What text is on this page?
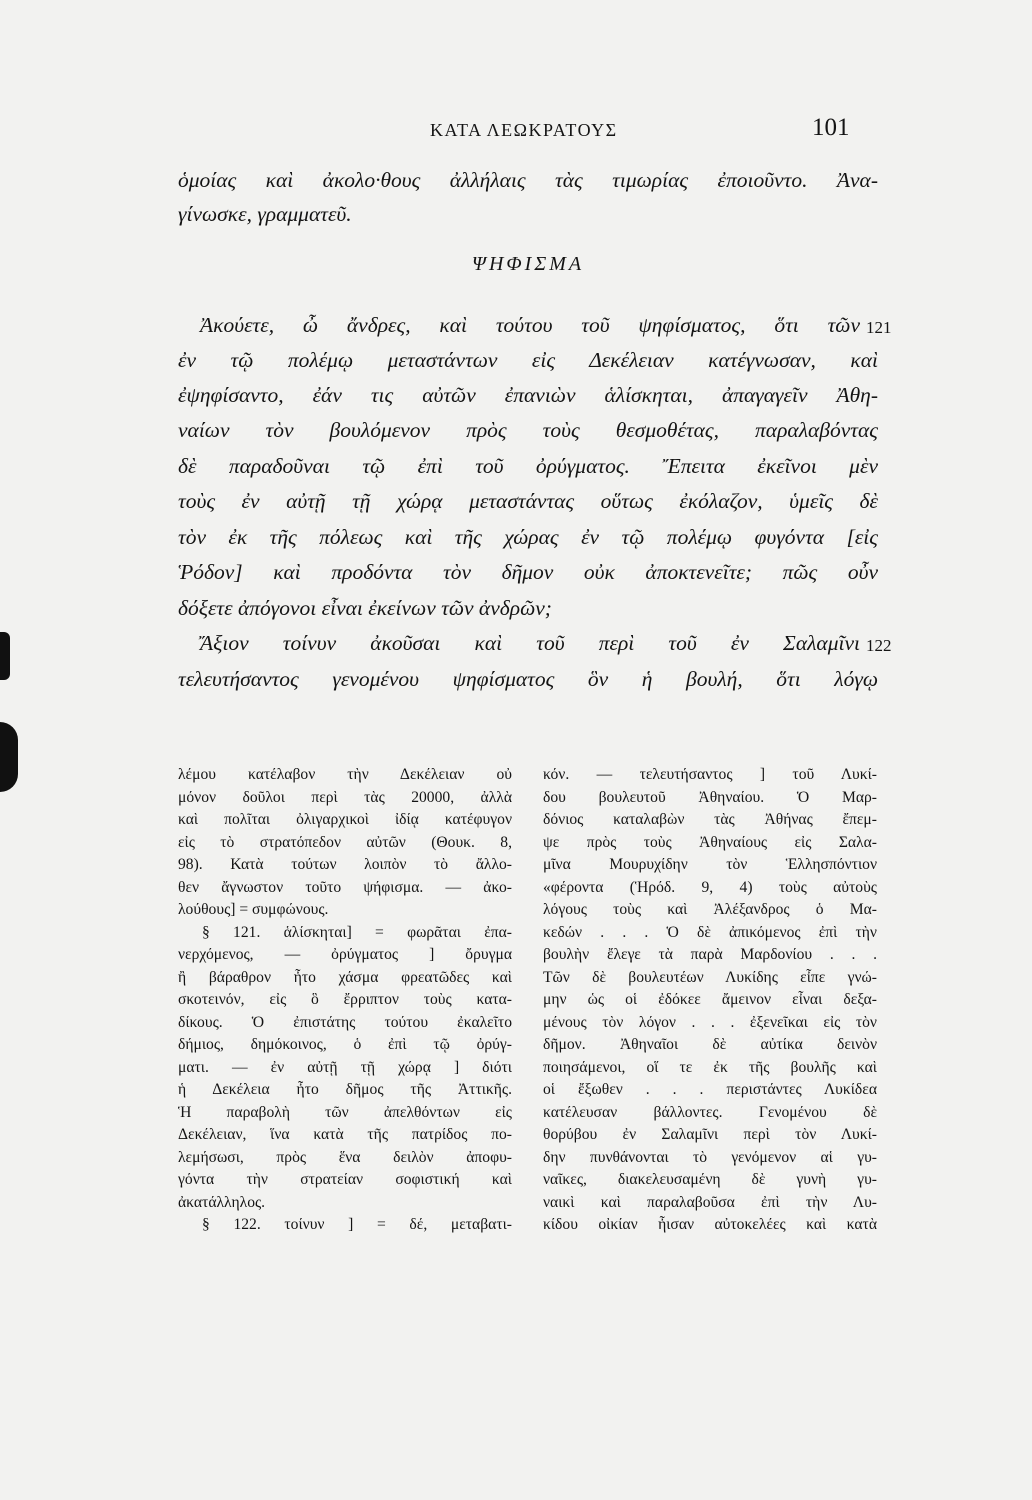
ΚΑΤΑ ΛΕΩΚΡΑΤΟΥΣ	101
ὁμοίας καὶ ἀκολο·θους ἀλλήλαις τὰς τιμωρίας ἐποιοῦντο. Ἀνα-
γίνωσκε, γραμματεῦ.
ΨΗΦΙΣΜΑ
Ἀκούετε, ὦ ἄνδρες, καὶ τούτου τοῦ ψηφίσματος, ὅτι τῶν
ἐν τῷ πολέμῳ μεταστάντων εἰς Δεκέλειαν κατέγνωσαν, καὶ
ἐψηφίσαντο, ἐάν τις αὐτῶν ἐπανιὼν ἁλίσκηται, ἀπαγαγεῖν Ἀθη-
ναίων τὸν βουλόμενον πρὸς τοὺς θεσμοθέτας, παραλαβόντας
δὲ παραδοῦναι τῷ ἐπὶ τοῦ ὀρύγματος. Ἔπειτα ἐκεῖνοι μὲν
τοὺς ἐν αὐτῇ τῇ χώρᾳ μεταστάντας οὕτως ἐκόλαζον, ὑμεῖς δὲ
τὸν ἐκ τῆς πόλεως καὶ τῆς χώρας ἐν τῷ πολέμῳ φυγόντα [εἰς
Ῥόδον] καὶ προδόντα τὸν δῆμον οὐκ ἀποκτενεῖτε; πῶς οὖν
δόξετε ἀπόγονοι εἶναι ἐκείνων τῶν ἀνδρῶν;
Ἄξιον τοίνυν ἀκοῦσαι καὶ τοῦ περὶ τοῦ ἐν Σαλαμῖνι
τελευτήσαντος γενομένου ψηφίσματος ὃν ἡ βουλή, ὅτι λόγῳ
121
122
λέμου κατέλαβον τὴν Δεκέλειαν οὐ
μόνον δοῦλοι περὶ τὰς 20000, ἀλλὰ
καὶ πολῖται ὀλιγαρχικοὶ ἰδίᾳ κατέφυγον
εἰς τὸ στρατόπεδον αὐτῶν (Θουκ. 8,
98). Κατὰ τούτων λοιπὸν τὸ ἄλλο-
θεν ἄγνωστον τοῦτο ψήφισμα. — ἀκο-
λούθους] = συμφώνους.
§ 121. ἁλίσκηται] = φωρᾶται ἐπα-
νερχόμενος, — ὀρύγματος ] ὄρυγμα
ἢ βάραθρον ἦτο χάσμα φρεατῶδες καὶ
σκοτεινόν, εἰς ὃ ἔρριπτον τοὺς κατα-
δίκους. Ὁ ἐπιστάτης τούτου ἐκαλεῖτο
δήμιος, δημόκοινος, ὁ ἐπὶ τῷ ὀρύγ-
ματι. — ἐν αὐτῇ τῇ χώρᾳ ] διότι
ἡ Δεκέλεια ἦτο δῆμος τῆς Ἀττικῆς.
Ἡ παραβολὴ τῶν ἀπελθόντων εἰς
Δεκέλειαν, ἵνα κατὰ τῆς πατρίδος πο-
λεμήσωσι, πρὸς ἕνα δειλὸν ἀποφυ-
γόντα τὴν στρατείαν σοφιστική καὶ
ἀκατάλληλος.
§ 122. τοίνυν ] = δέ, μεταβατι-
κόν. — τελευτήσαντος ] τοῦ Λυκί-
δου βουλευτοῦ Ἀθηναίου. Ὁ Μαρ-
δόνιος καταλαβὼν τὰς Ἀθήνας ἔπεμ-
ψε πρὸς τοὺς Ἀθηναίους εἰς Σαλα-
μῖνα Μουρυχίδην τὸν Ἑλλησπόντιον
«φέροντα (Ἡρόδ. 9, 4) τοὺς αὐτοὺς
λόγους τοὺς καὶ Ἀλέξανδρος ὁ Μα-
κεδών . . . Ὁ δὲ ἀπικόμενος ἐπὶ τὴν
βουλὴν ἔλεγε τὰ παρὰ Μαρδονίου . . .
Τῶν δὲ βουλευτέων Λυκίδης εἶπε γνώ-
μην ὡς οἱ ἐδόκεε ἄμεινον εἶναι δεξα-
μένους τὸν λόγον . . . ἐξενεῖκαι εἰς τὸν
δῆμον. Ἀθηναῖοι δὲ αὐτίκα δεινὸν
ποιησάμενοι, οἵ τε ἐκ τῆς βουλῆς καὶ
οἱ ἔξωθεν . . . περιστάντες Λυκίδεα
κατέλευσαν βάλλοντες. Γενομένου δὲ
θορύβου ἐν Σαλαμῖνι περὶ τὸν Λυκί-
δην πυνθάνονται τὸ γενόμενον αἱ γυ-
ναῖκες, διακελευσαμένη δὲ γυνὴ γυ-
ναικὶ καὶ παραλαβοῦσα ἐπὶ τὴν Λυ-
κίδου οἰκίαν ἦισαν αὐτοκελέες καὶ κατὰ
